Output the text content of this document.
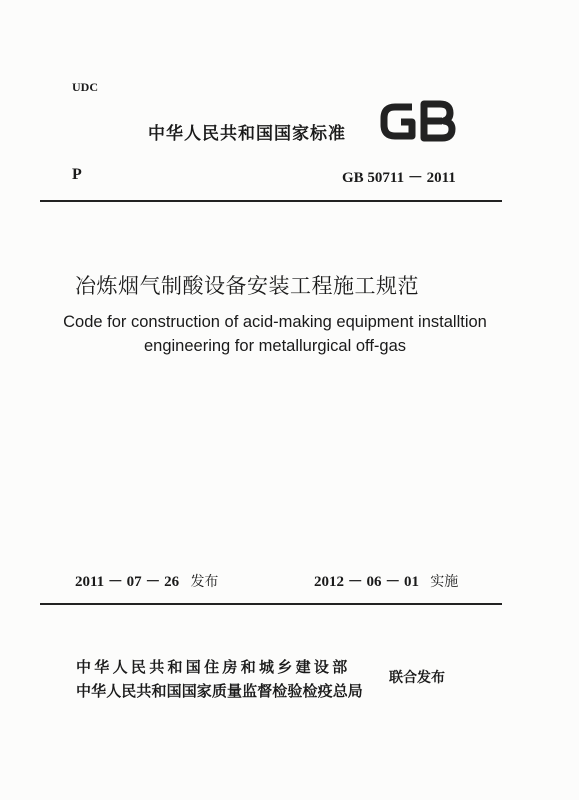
UDC
中华人民共和国国家标准
P	GB 50711 － 2011
冶炼烟气制酸设备安装工程施工规范
Code for construction of acid-making equipment installtion
engineering for metallurgical off-gas
2011 － 07 － 26 发布	2012 － 06 － 01 实施
中华人民共和国住房和城乡建设部
中华人民共和国国家质量监督检验检疫总局
联合发布
